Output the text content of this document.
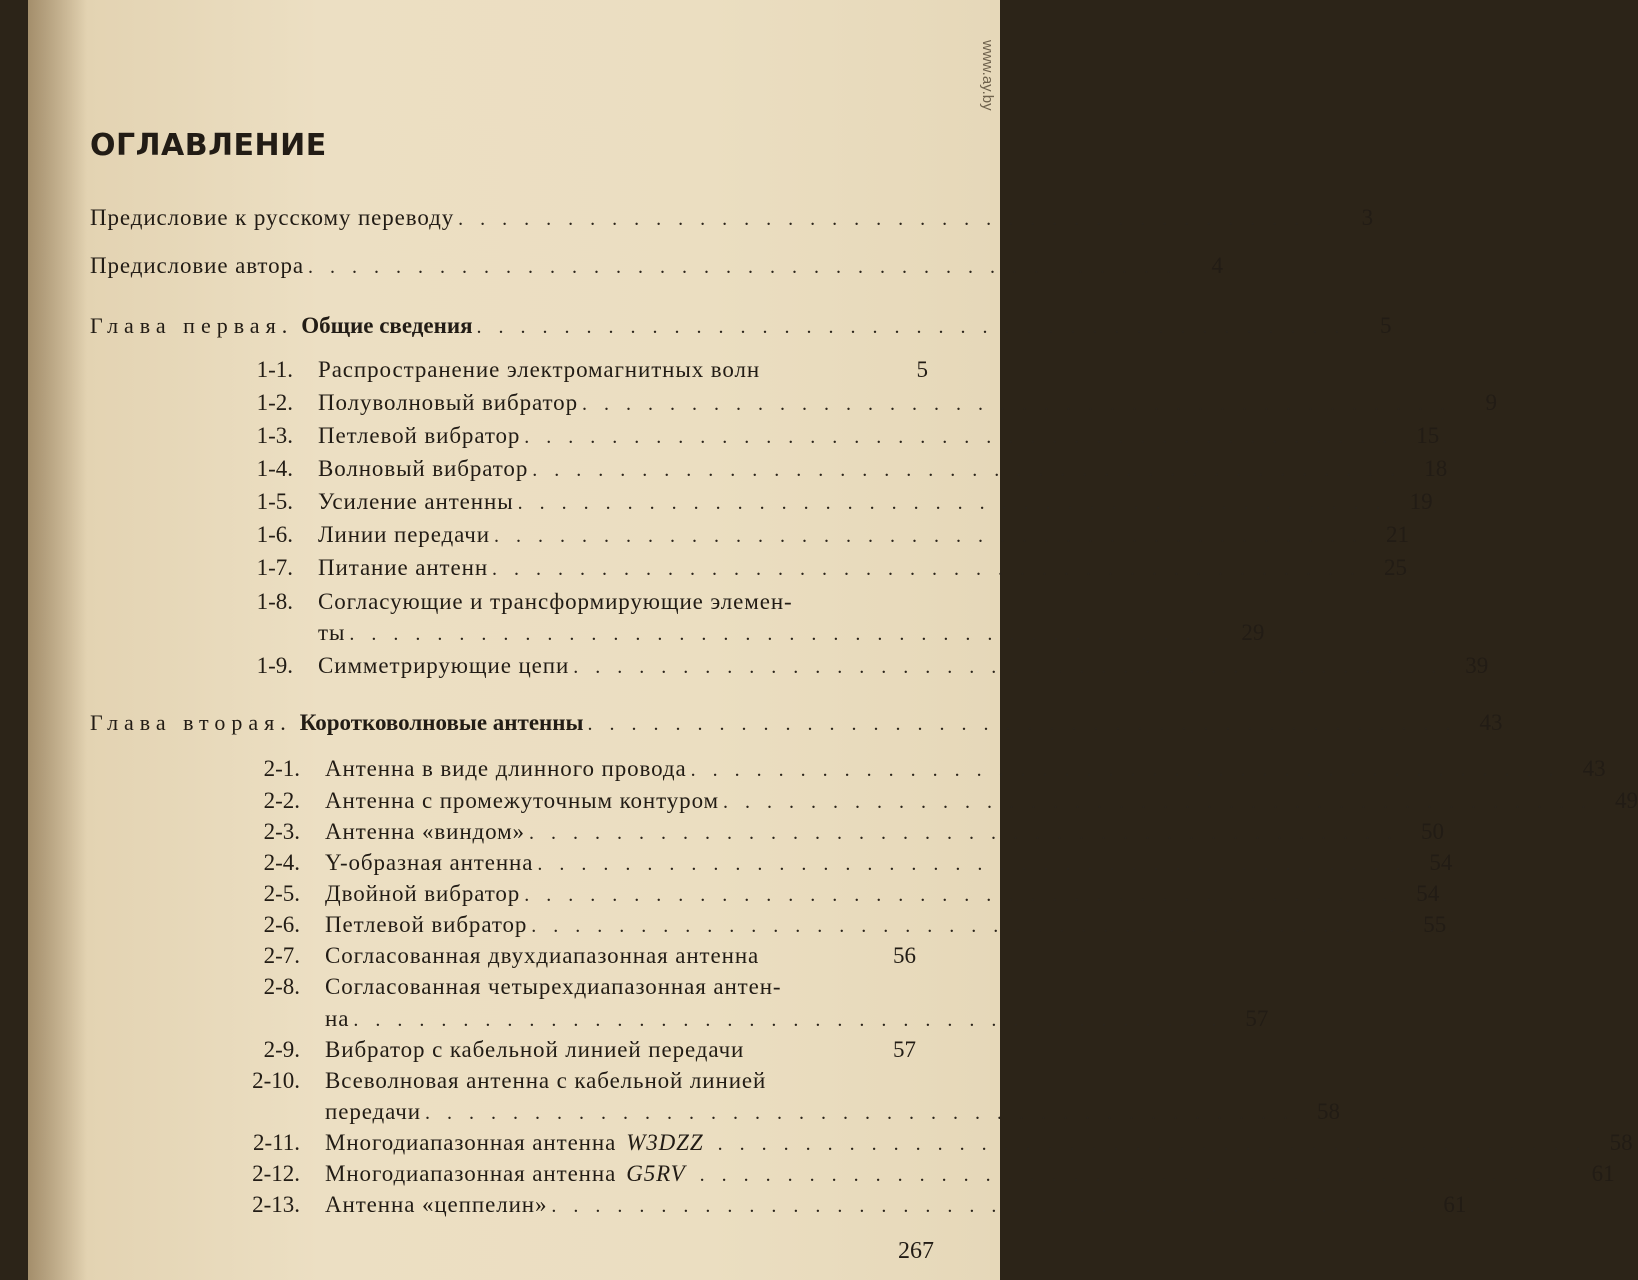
www.ay.by
ОГЛАВЛЕНИЕ
Предисловие к русскому переводу . . . . . . . . . . . . . . . . . . . . . . . . . . . . . . . . . . . . . . . .	3
Предисловие автора . . . . . . . . . . . . . . . . . . . . . . . . . . . . . . . . . . . . . . . .	4
Глава первая. Общие сведения . . . . . . . . . . . . . . . . . . . . . . . . . . . . . . . . . . . . . . . .	5
1-1. Распространение электромагнитных волн	5
1-2. Полуволновый вибратор . . . . . . . . . . . . . . . . . . . . . . . . . . . . . . . . . . . . . . . .	9
1-3. Петлевой вибратор . . . . . . . . . . . . . . . . . . . . . . . . . . . . . . . . . . . . . . . .	15
1-4. Волновый вибратор . . . . . . . . . . . . . . . . . . . . . . . . . . . . . . . . . . . . . . . .	18
1-5. Усиление антенны . . . . . . . . . . . . . . . . . . . . . . . . . . . . . . . . . . . . . . . .	19
1-6. Линии передачи . . . . . . . . . . . . . . . . . . . . . . . . . . . . . . . . . . . . . . . .	21
1-7. Питание антенн . . . . . . . . . . . . . . . . . . . . . . . . . . . . . . . . . . . . . . . .	25
1-8. Согласующие и трансформирующие элемен-
ты . . . . . . . . . . . . . . . . . . . . . . . . . . . . . . . . . . . . . . . .	29
1-9. Симметрирующие цепи . . . . . . . . . . . . . . . . . . . . . . . . . . . . . . . . . . . . . . . .	39
Глава вторая. Коротковолновые антенны . . . . . . . . . . . . . . . . . . . . . . . . . . . . . . . . . . . . . . . .	43
2-1. Антенна в виде длинного провода . . . . . . . . . . . . . . . . . . . . . . . . . . . . . . . . . . . . . . . .	43
2-2. Антенна с промежуточным контуром . . . . . . . . . . . . . . . . . . . . . . . . . . . . . . . . . . . . . . . .	49
2-3. Антенна «виндом» . . . . . . . . . . . . . . . . . . . . . . . . . . . . . . . . . . . . . . . .	50
2-4. Y-образная антенна . . . . . . . . . . . . . . . . . . . . . . . . . . . . . . . . . . . . . . . .	54
2-5. Двойной вибратор . . . . . . . . . . . . . . . . . . . . . . . . . . . . . . . . . . . . . . . .	54
2-6. Петлевой вибратор . . . . . . . . . . . . . . . . . . . . . . . . . . . . . . . . . . . . . . . .	55
2-7. Согласованная двухдиапазонная антенна	56
2-8. Согласованная четырехдиапазонная антен-
на . . . . . . . . . . . . . . . . . . . . . . . . . . . . . . . . . . . . . . . .	57
2-9. Вибратор с кабельной линией передачи	57
2-10. Всеволновая антенна с кабельной линией
передачи . . . . . . . . . . . . . . . . . . . . . . . . . . . . . . . . . . . . . . . .	58
2-11. Многодиапазонная антенна W3DZZ . . . . . . . . . . . . . . . . . . . . . . . . . . . . . . . . . . . . . . . .	58
2-12. Многодиапазонная антенна G5RV . . . . . . . . . . . . . . . . . . . . . . . . . . . . . . . . . . . . . . . .	61
2-13. Антенна «цеппелин» . . . . . . . . . . . . . . . . . . . . . . . . . . . . . . . . . . . . . . . .	61
267
